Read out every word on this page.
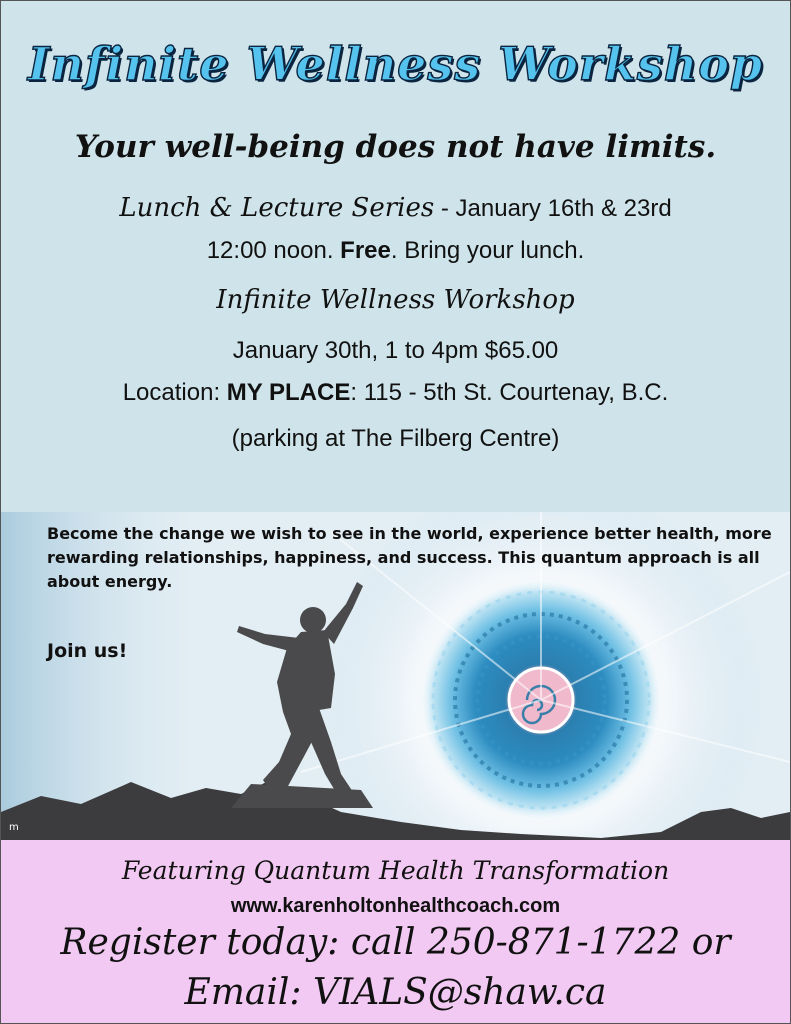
Infinite Wellness Workshop
Your well-being does not have limits.
Lunch & Lecture Series - January 16th & 23rd
12:00 noon. Free. Bring your lunch.
Infinite Wellness Workshop
January 30th, 1 to 4pm $65.00
Location: MY PLACE: 115 - 5th St. Courtenay, B.C.
(parking at The Filberg Centre)
m
Become the change we wish to see in the world, experience better health, more rewarding relationships, happiness, and success. This quantum approach is all about energy.
Join us!
Featuring Quantum Health Transformation
www.karenholtonhealthcoach.com
Register today: call 250-871-1722 or
Email: VIALS@shaw.ca
